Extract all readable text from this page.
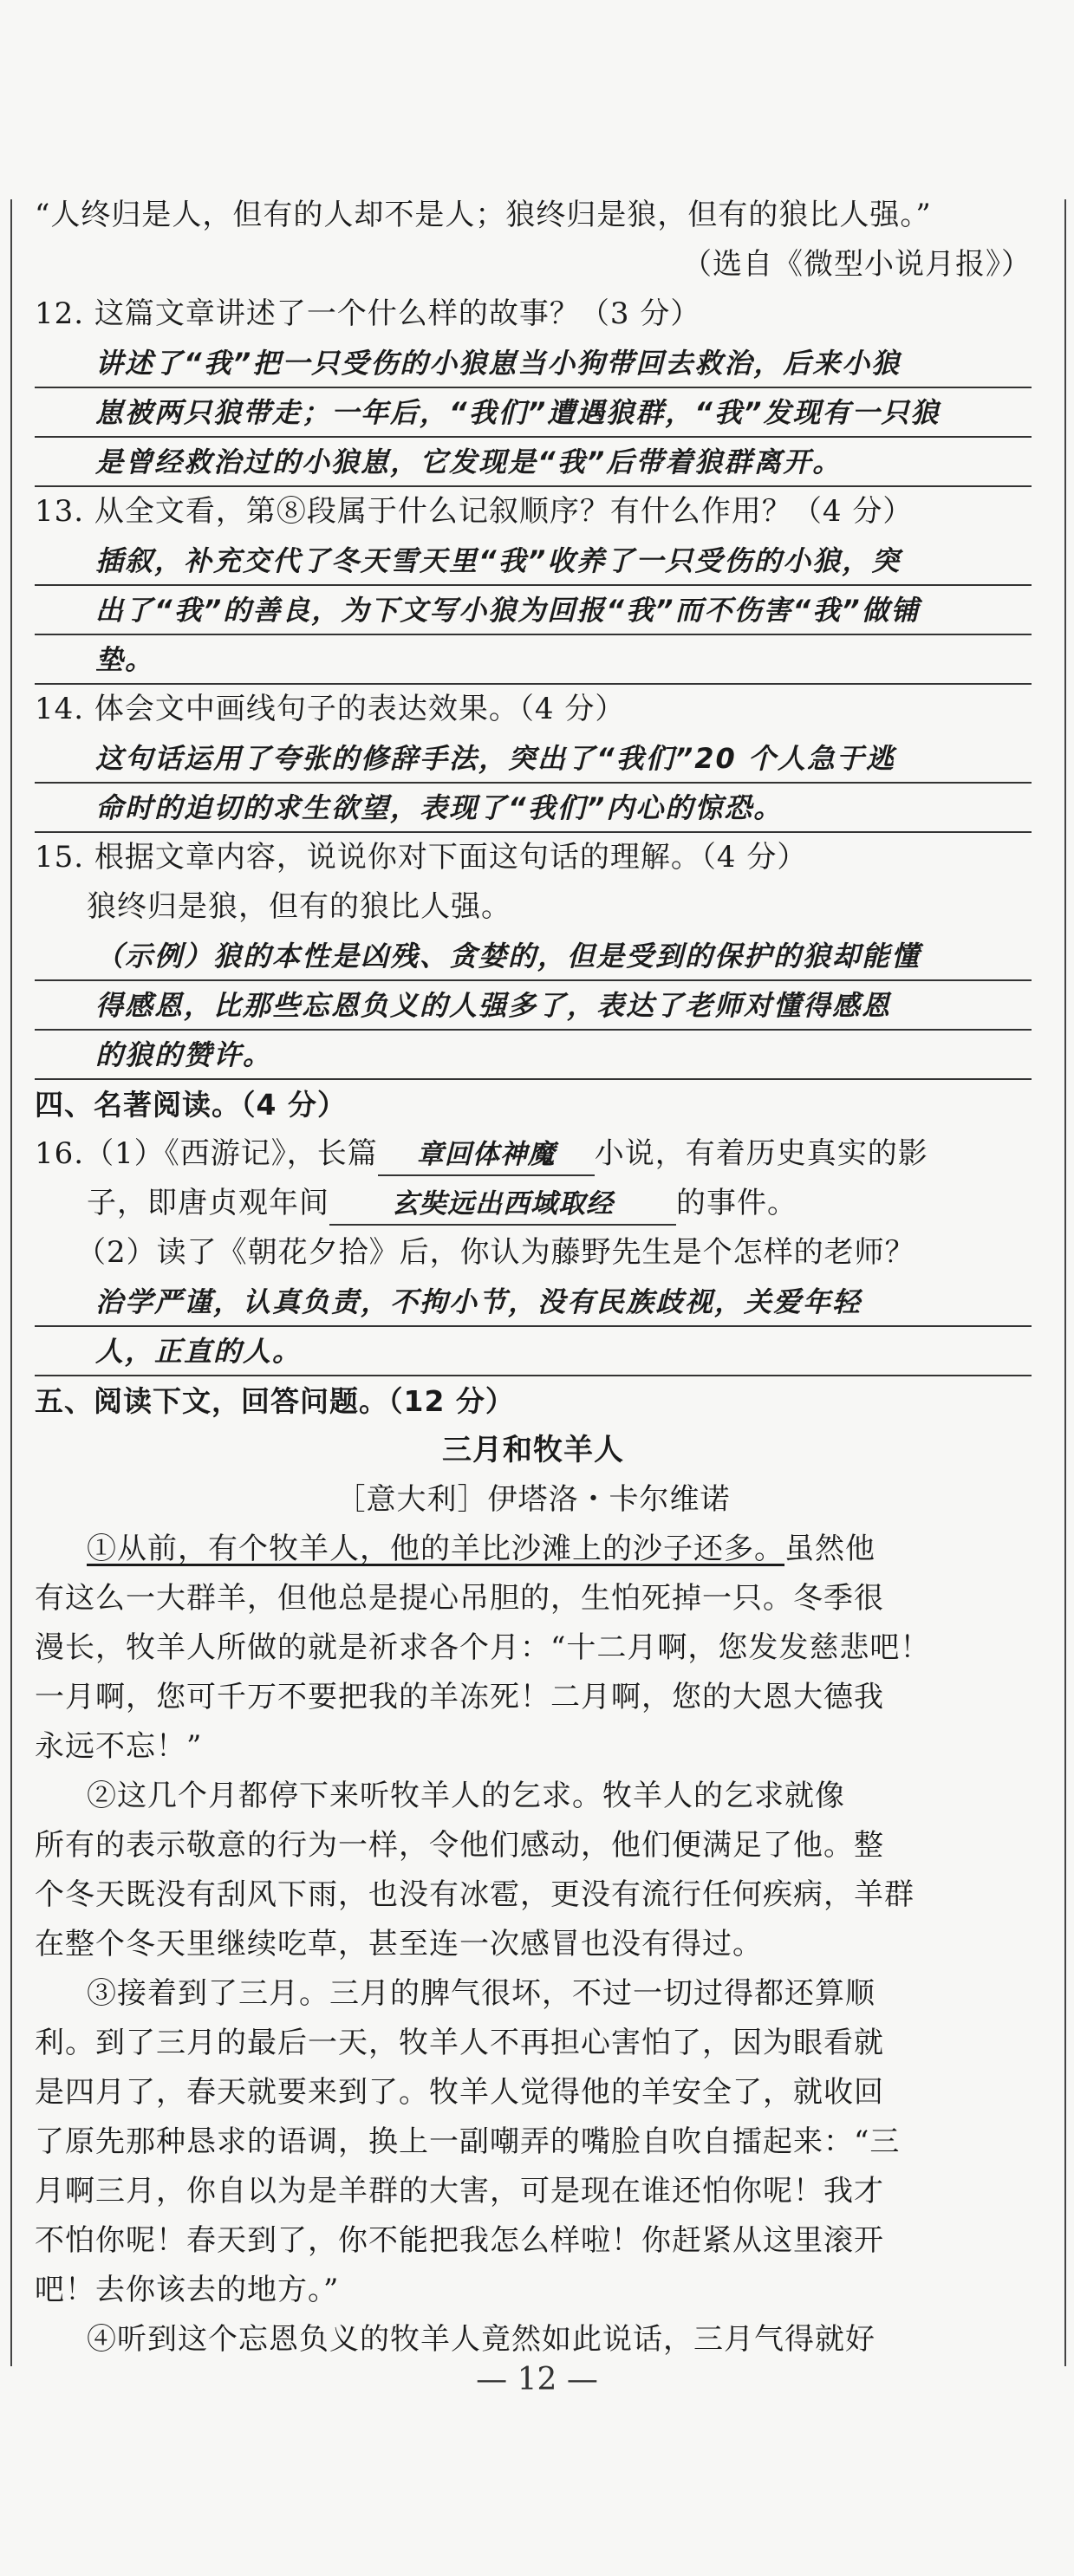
“人终归是人，但有的人却不是人；狼终归是狼，但有的狼比人强。”
（选自《微型小说月报》）
12. 这篇文章讲述了一个什么样的故事？（3 分）
讲述了“我”把一只受伤的小狼崽当小狗带回去救治，后来小狼
崽被两只狼带走；一年后，“我们”遭遇狼群，“我”发现有一只狼
是曾经救治过的小狼崽，它发现是“我”后带着狼群离开。
13. 从全文看，第⑧段属于什么记叙顺序？有什么作用？（4 分）
插叙，补充交代了冬天雪天里“我”收养了一只受伤的小狼，突
出了“我”的善良，为下文写小狼为回报“我”而不伤害“我”做铺
垫。
14. 体会文中画线句子的表达效果。（4 分）
这句话运用了夸张的修辞手法，突出了“我们”20 个人急于逃
命时的迫切的求生欲望，表现了“我们”内心的惊恐。
15. 根据文章内容，说说你对下面这句话的理解。（4 分）
狼终归是狼，但有的狼比人强。
（示例）狼的本性是凶残、贪婪的，但是受到的保护的狼却能懂
得感恩，比那些忘恩负义的人强多了，表达了老师对懂得感恩
的狼的赞许。
四、名著阅读。（4 分）
16.（1）《西游记》，长篇 章回体神魔 小说，有着历史真实的影
子，即唐贞观年间 玄奘远出西域取经 的事件。
（2）读了《朝花夕拾》后，你认为藤野先生是个怎样的老师？
治学严谨，认真负责，不拘小节，没有民族歧视，关爱年轻
人，正直的人。
五、阅读下文，回答问题。（12 分）
三月和牧羊人
［意大利］伊塔洛・卡尔维诺
①从前，有个牧羊人，他的羊比沙滩上的沙子还多。虽然他
有这么一大群羊，但他总是提心吊胆的，生怕死掉一只。冬季很
漫长，牧羊人所做的就是祈求各个月：“十二月啊，您发发慈悲吧！
一月啊，您可千万不要把我的羊冻死！二月啊，您的大恩大德我
永远不忘！”
②这几个月都停下来听牧羊人的乞求。牧羊人的乞求就像
所有的表示敬意的行为一样，令他们感动，他们便满足了他。整
个冬天既没有刮风下雨，也没有冰雹，更没有流行任何疾病，羊群
在整个冬天里继续吃草，甚至连一次感冒也没有得过。
③接着到了三月。三月的脾气很坏，不过一切过得都还算顺
利。到了三月的最后一天，牧羊人不再担心害怕了，因为眼看就
是四月了，春天就要来到了。牧羊人觉得他的羊安全了，就收回
了原先那种恳求的语调，换上一副嘲弄的嘴脸自吹自擂起来：“三
月啊三月，你自以为是羊群的大害，可是现在谁还怕你呢！我才
不怕你呢！春天到了，你不能把我怎么样啦！你赶紧从这里滚开
吧！去你该去的地方。”
④听到这个忘恩负义的牧羊人竟然如此说话，三月气得就好
— 12 —
